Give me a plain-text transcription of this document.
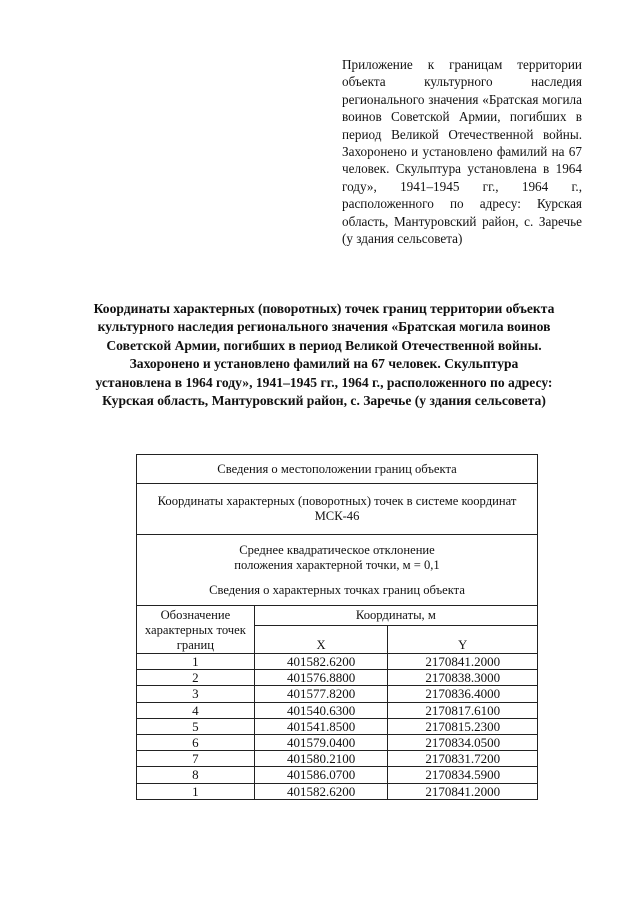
Приложение к границам территории объекта культурного наследия регионального значения «Братская могила воинов Советской Армии, погибших в период Великой Отечественной войны. Захоронено и установлено фамилий на 67 человек. Скульптура установлена в 1964 году», 1941–1945 гг., 1964 г., расположенного по адресу: Курская область, Мантуровский район, с. Заречье (у здания сельсовета)
Координаты характерных (поворотных) точек границ территории объекта культурного наследия регионального значения «Братская могила воинов Советской Армии, погибших в период Великой Отечественной войны. Захоронено и установлено фамилий на 67 человек. Скульптура установлена в 1964 году», 1941–1945 гг., 1964 г., расположенного по адресу: Курская область, Мантуровский район, с. Заречье (у здания сельсовета)
Сведения о местоположении границ объекта		
Координаты характерных (поворотных) точек в системе координат МСК-46		

Среднее квадратическое отклонение
положения характерной точки, м = 0,1
Сведения о характерных точках границ объекта		

Обозначение характерных точек границ	Координаты, м	
	X	Y
1	401582.6200	2170841.2000
2	401576.8800	2170838.3000
3	401577.8200	2170836.4000
4	401540.6300	2170817.6100
5	401541.8500	2170815.2300
6	401579.0400	2170834.0500
7	401580.2100	2170831.7200
8	401586.0700	2170834.5900
1	401582.6200	2170841.2000
